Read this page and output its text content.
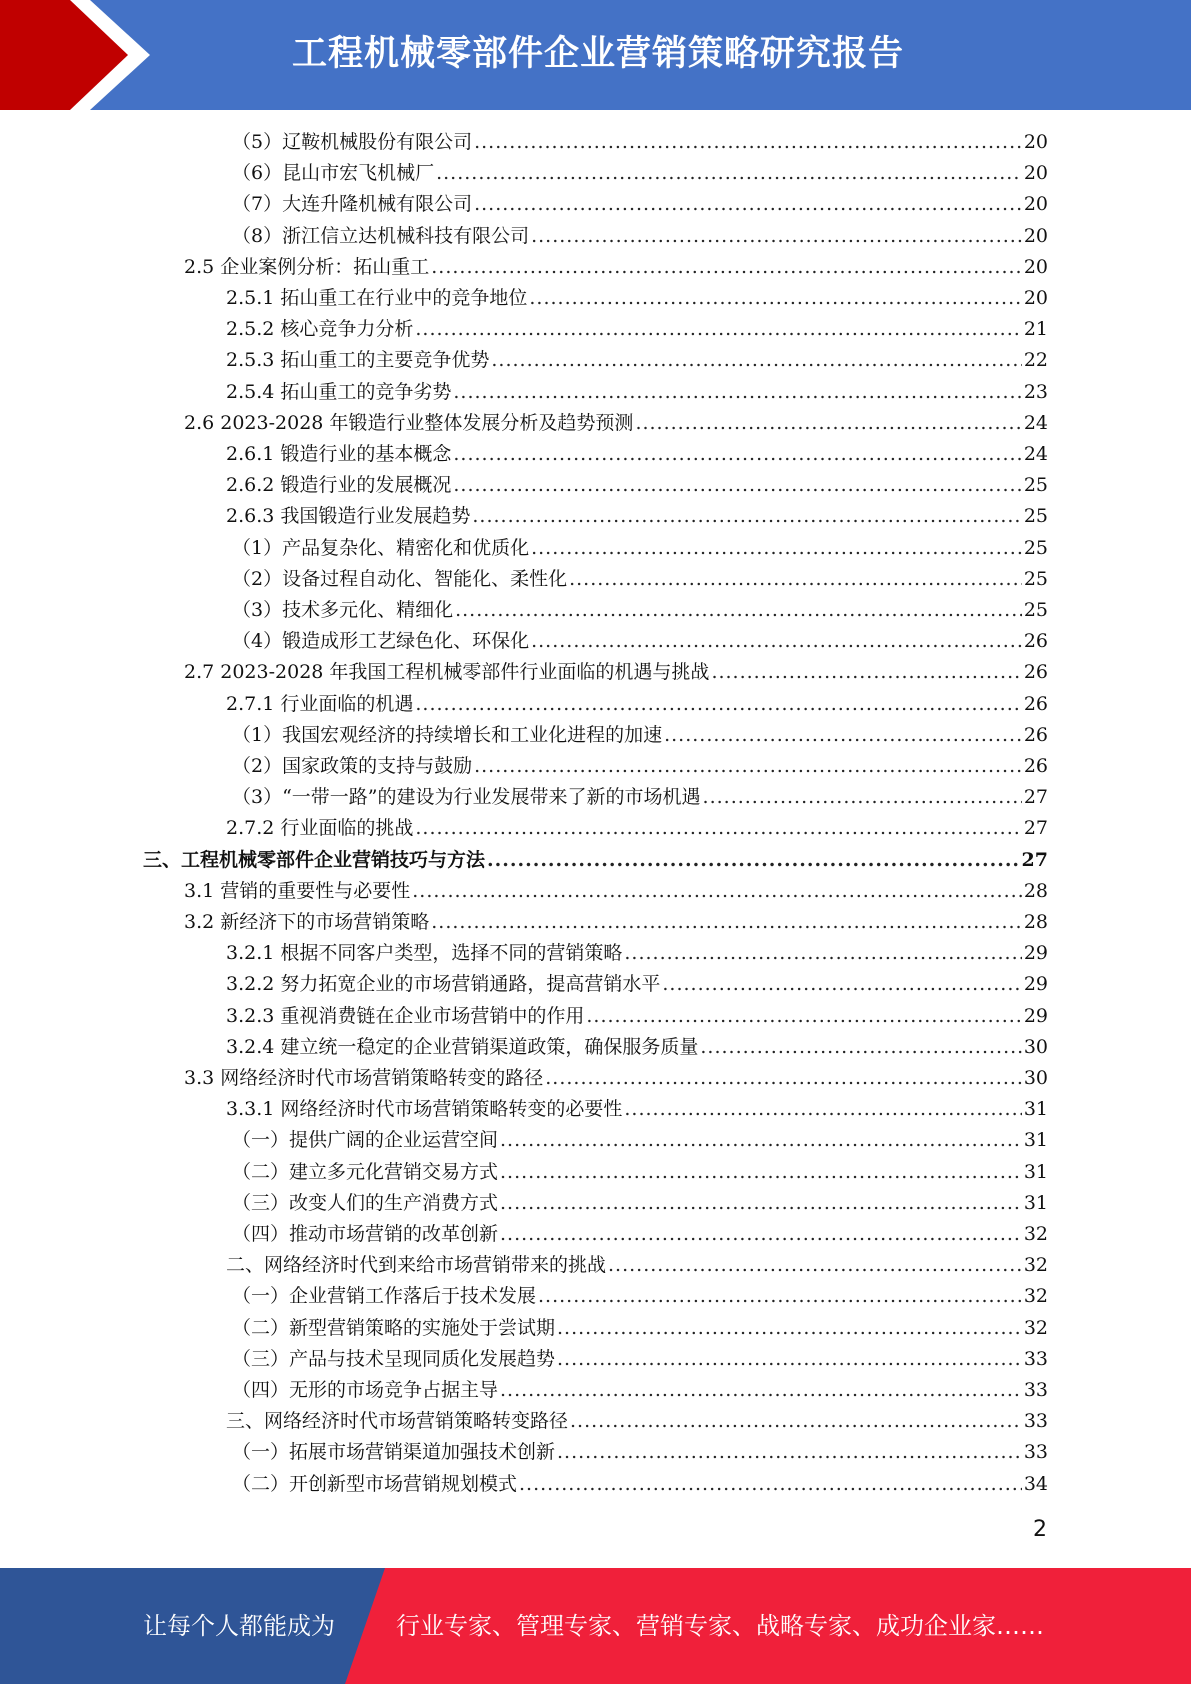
工程机械零部件企业营销策略研究报告
（5）辽鞍机械股份有限公司 .....	20
（6）昆山市宏飞机械厂 .....	20
（7）大连升隆机械有限公司 .....	20
（8）浙江信立达机械科技有限公司 .....	20
2.5 企业案例分析：拓山重工 .....	20
2.5.1 拓山重工在行业中的竞争地位 .....	20
2.5.2 核心竞争力分析 .....	21
2.5.3 拓山重工的主要竞争优势 .....	22
2.5.4 拓山重工的竞争劣势 .....	23
2.6 2023-2028 年锻造行业整体发展分析及趋势预测 .....	24
2.6.1 锻造行业的基本概念 .....	24
2.6.2 锻造行业的发展概况 .....	25
2.6.3 我国锻造行业发展趋势 .....	25
（1）产品复杂化、精密化和优质化 .....	25
（2）设备过程自动化、智能化、柔性化 .....	25
（3）技术多元化、精细化 .....	25
（4）锻造成形工艺绿色化、环保化 .....	26
2.7 2023-2028 年我国工程机械零部件行业面临的机遇与挑战 .....	26
2.7.1 行业面临的机遇 .....	26
（1）我国宏观经济的持续增长和工业化进程的加速 .....	26
（2）国家政策的支持与鼓励 .....	26
（3）“一带一路”的建设为行业发展带来了新的市场机遇 .....	27
2.7.2 行业面临的挑战 .....	27
三、工程机械零部件企业营销技巧与方法 .....	27
3.1 营销的重要性与必要性 .....	28
3.2 新经济下的市场营销策略 .....	28
3.2.1 根据不同客户类型，选择不同的营销策略 .....	29
3.2.2 努力拓宽企业的市场营销通路，提高营销水平 .....	29
3.2.3 重视消费链在企业市场营销中的作用 .....	29
3.2.4 建立统一稳定的企业营销渠道政策，确保服务质量 .....	30
3.3 网络经济时代市场营销策略转变的路径 .....	30
3.3.1 网络经济时代市场营销策略转变的必要性 .....	31
（一）提供广阔的企业运营空间 .....	31
（二）建立多元化营销交易方式 .....	31
（三）改变人们的生产消费方式 .....	31
（四）推动市场营销的改革创新 .....	32
二、网络经济时代到来给市场营销带来的挑战 .....	32
（一）企业营销工作落后于技术发展 .....	32
（二）新型营销策略的实施处于尝试期 .....	32
（三）产品与技术呈现同质化发展趋势 .....	33
（四）无形的市场竞争占据主导 .....	33
三、网络经济时代市场营销策略转变路径 .....	33
（一）拓展市场营销渠道加强技术创新 .....	33
（二）开创新型市场营销规划模式 .....	34
2
让每个人都能成为	行业专家、管理专家、营销专家、战略专家、成功企业家……
